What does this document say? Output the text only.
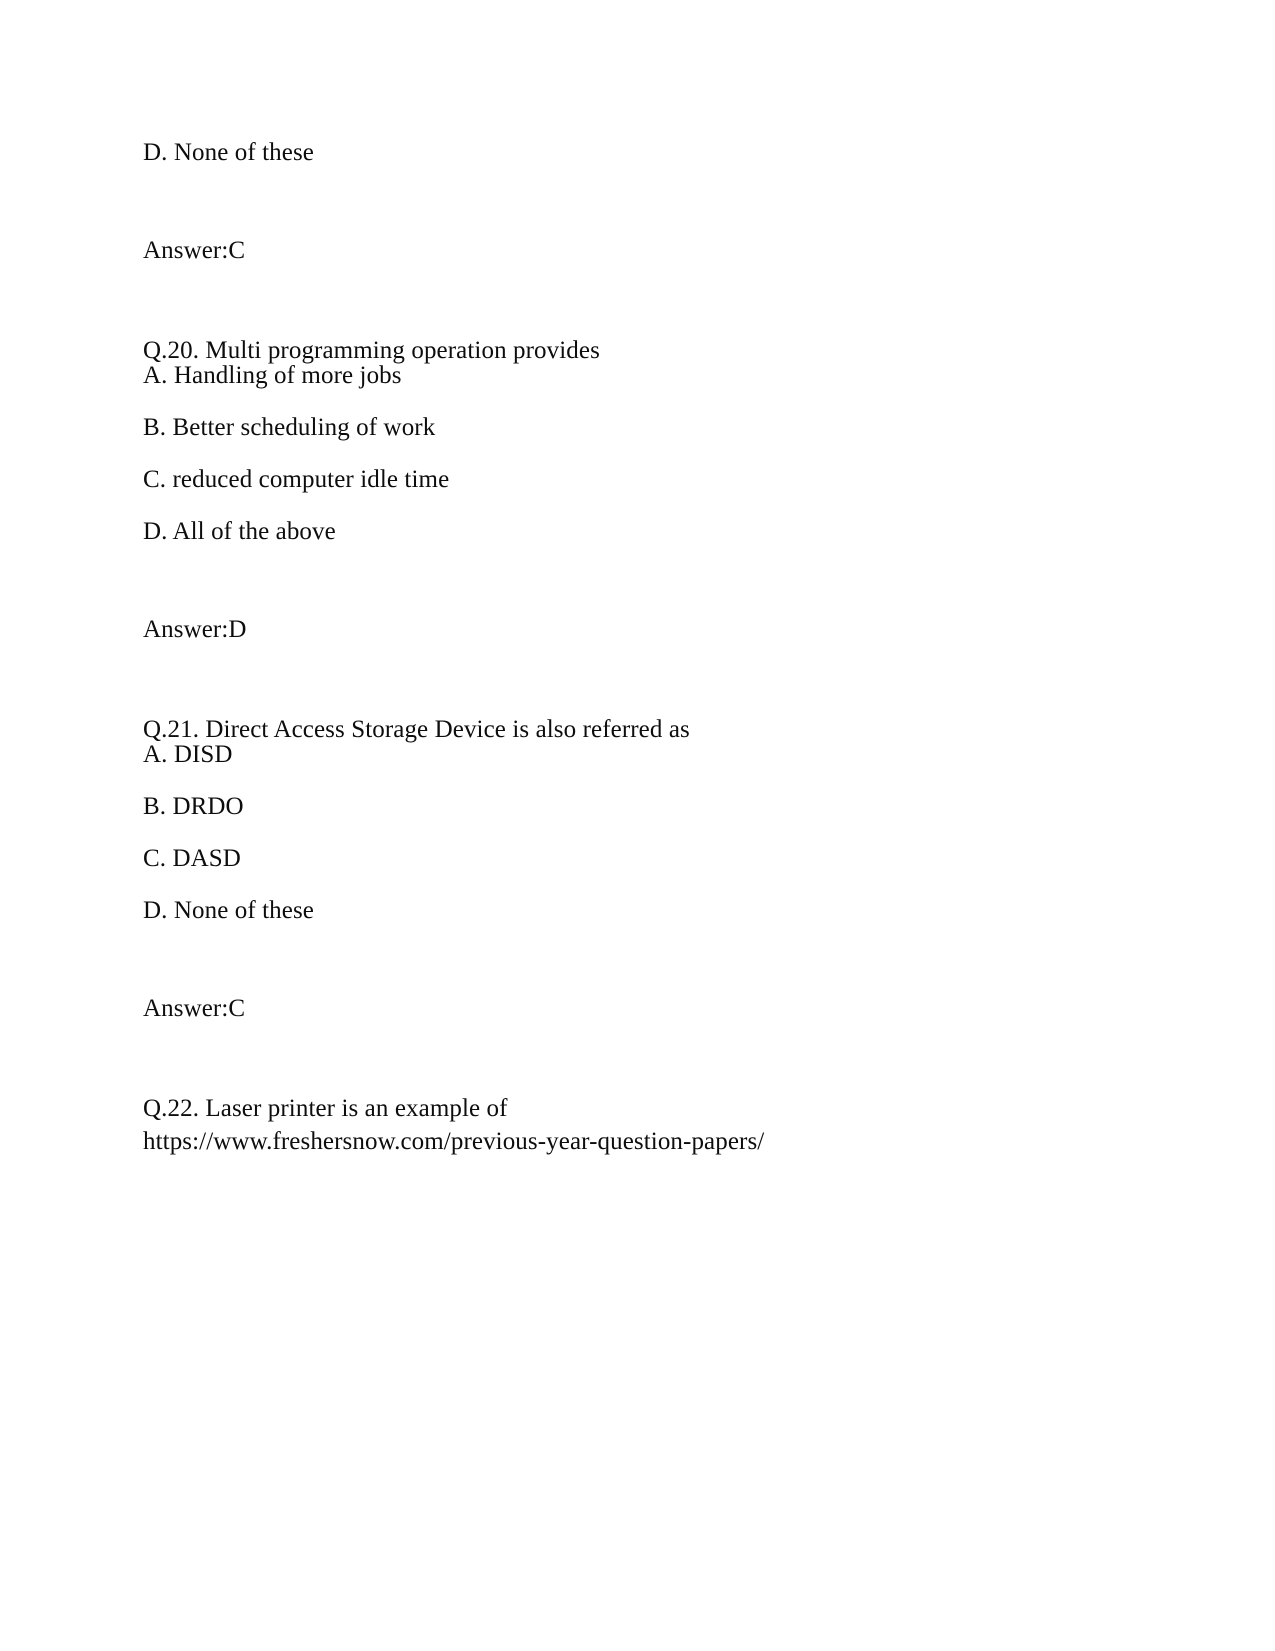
D. None of these
Answer:C
Q.20. Multi programming operation provides
A. Handling of more jobs
B. Better scheduling of work
C. reduced computer idle time
D. All of the above
Answer:D
Q.21. Direct Access Storage Device is also referred as
A. DISD
B. DRDO
C. DASD
D. None of these
Answer:C
Q.22. Laser printer is an example of
https://www.freshersnow.com/previous-year-question-papers/
